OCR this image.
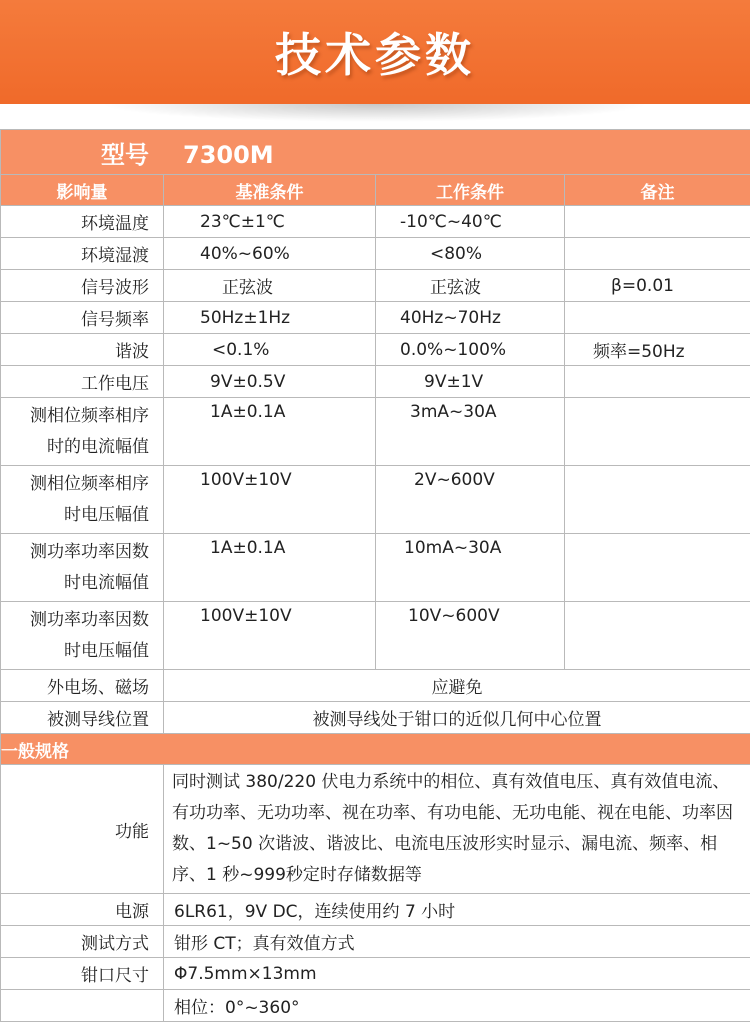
技术参数
型号 7300M			
影响量	基准条件	工作条件	备注
环境温度	23℃±1℃	-10℃~40℃	
环境湿渡	40%~60%	<80%	
信号波形	正弦波	正弦波	β=0.01
信号频率	50Hz±1Hz	40Hz~70Hz	
谐波	<0.1%	0.0%~100%	频率=50Hz
工作电压	9V±0.5V	9V±1V	

测相位频率相序
时的电流幅值	1A±0.1A	3mA~30A	

测相位频率相序
时电压幅值	100V±10V	2V~600V	

测功率功率因数
时电流幅值	1A±0.1A	10mA~30A	

测功率功率因数
时电压幅值	100V±10V	10V~600V	
外电场、磁场	应避免		
被测导线位置	被测导线处于钳口的近似几何中心位置		
一般规格			
功能	同时测试 380/220 伏电力系统中的相位、真有效值电压、真有效值电流、有功功率、无功功率、视在功率、有功电能、无功电能、视在电能、功率因数、1~50 次谐波、谐波比、电流电压波形实时显示、漏电流、频率、相序、1 秒~999秒定时存储数据等		
电源	6LR61，9V DC，连续使用约 7 小时		
测试方式	钳形 CT；真有效值方式		
钳口尺寸	Φ7.5mm×13mm		
	相位：0°~360°		
